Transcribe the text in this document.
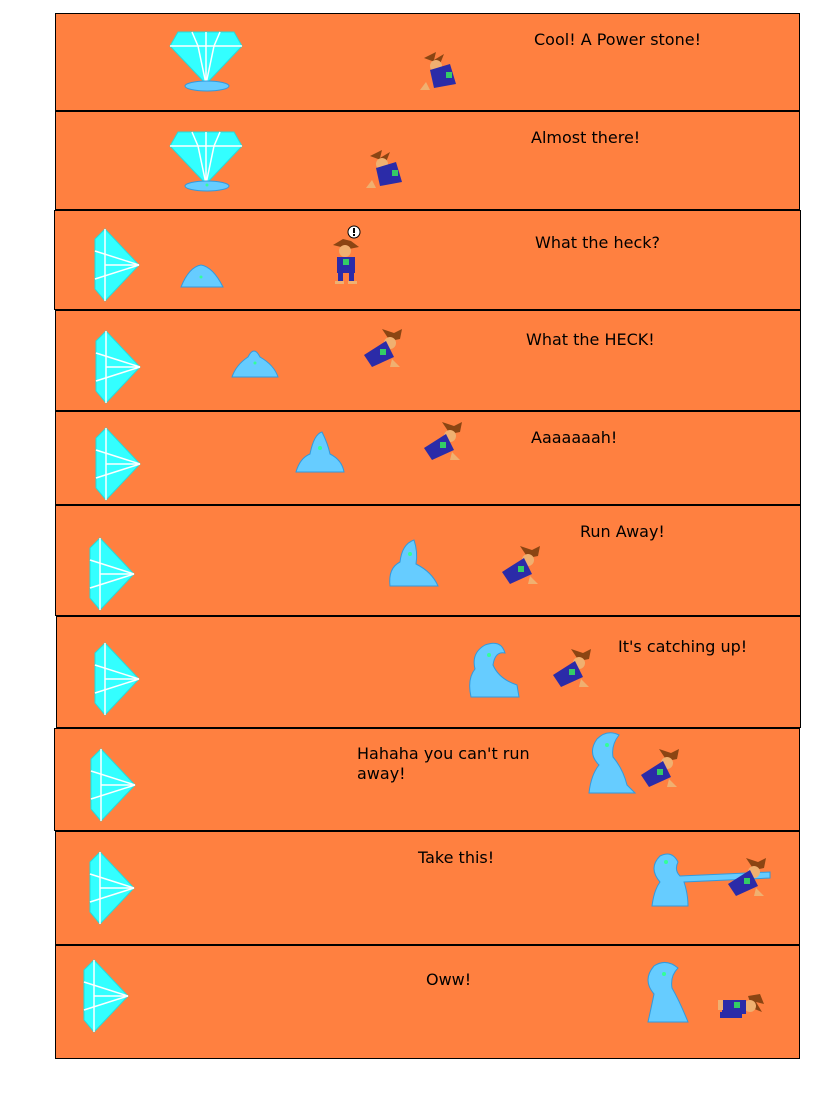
Cool! A Power stone!
Almost there!
What the heck?
What the HECK!
Aaaaaaah!
Run Away!
It's catching up!
Hahaha you can't run
away!
Take this!
Oww!
